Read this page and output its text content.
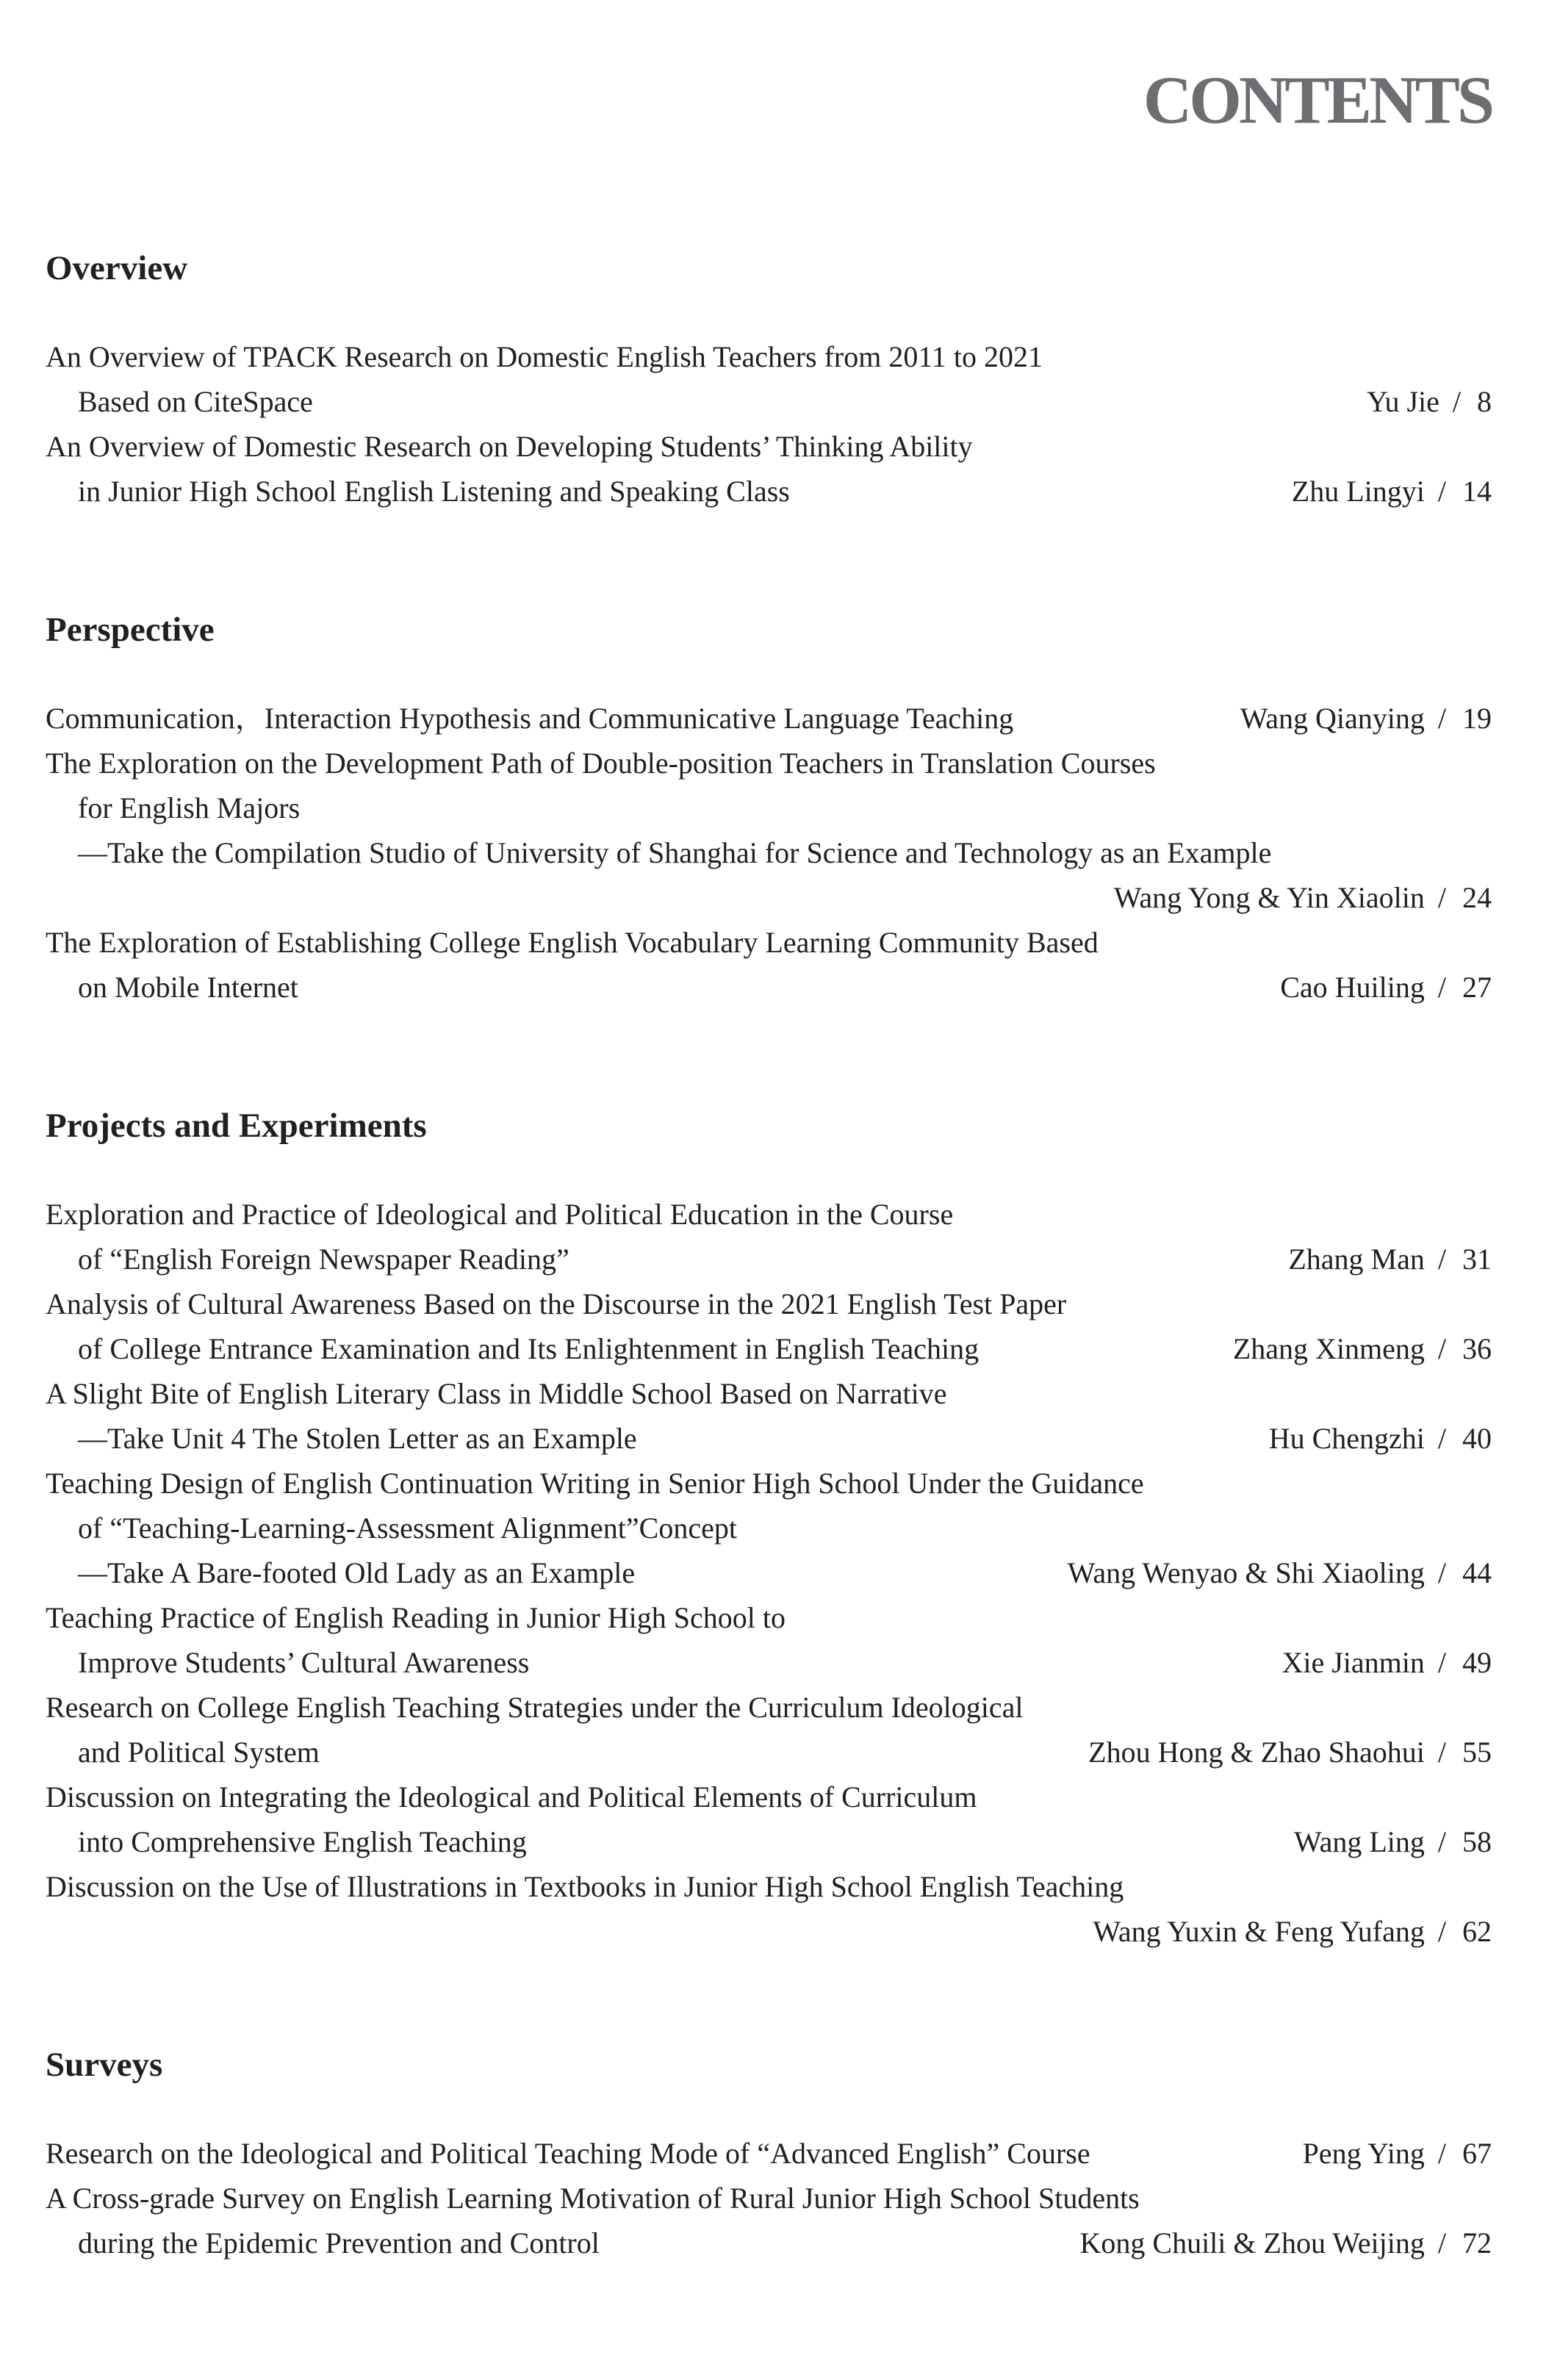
CONTENTS
Overview
An Overview of TPACK Research on Domestic English Teachers from 2011 to 2021
Based on CiteSpace	Yu Jie / 8
An Overview of Domestic Research on Developing Students’ Thinking Ability
in Junior High School English Listening and Speaking Class	Zhu Lingyi / 14
Perspective
Communication，Interaction Hypothesis and Communicative Language Teaching	Wang Qianying / 19
The Exploration on the Development Path of Double-position Teachers in Translation Courses
for English Majors
—Take the Compilation Studio of University of Shanghai for Science and Technology as an Example
Wang Yong & Yin Xiaolin / 24
The Exploration of Establishing College English Vocabulary Learning Community Based
on Mobile Internet	Cao Huiling / 27
Projects and Experiments
Exploration and Practice of Ideological and Political Education in the Course
of “English Foreign Newspaper Reading”	Zhang Man / 31
Analysis of Cultural Awareness Based on the Discourse in the 2021 English Test Paper
of College Entrance Examination and Its Enlightenment in English Teaching	Zhang Xinmeng / 36
A Slight Bite of English Literary Class in Middle School Based on Narrative
—Take Unit 4 The Stolen Letter as an Example	Hu Chengzhi / 40
Teaching Design of English Continuation Writing in Senior High School Under the Guidance
of “Teaching-Learning-Assessment Alignment”Concept
—Take A Bare-footed Old Lady as an Example	Wang Wenyao & Shi Xiaoling / 44
Teaching Practice of English Reading in Junior High School to
Improve Students’ Cultural Awareness	Xie Jianmin / 49
Research on College English Teaching Strategies under the Curriculum Ideological
and Political System	Zhou Hong & Zhao Shaohui / 55
Discussion on Integrating the Ideological and Political Elements of Curriculum
into Comprehensive English Teaching	Wang Ling / 58
Discussion on the Use of Illustrations in Textbooks in Junior High School English Teaching
Wang Yuxin & Feng Yufang / 62
Surveys
Research on the Ideological and Political Teaching Mode of “Advanced English” Course	Peng Ying / 67
A Cross-grade Survey on English Learning Motivation of Rural Junior High School Students
during the Epidemic Prevention and Control	Kong Chuili & Zhou Weijing / 72
